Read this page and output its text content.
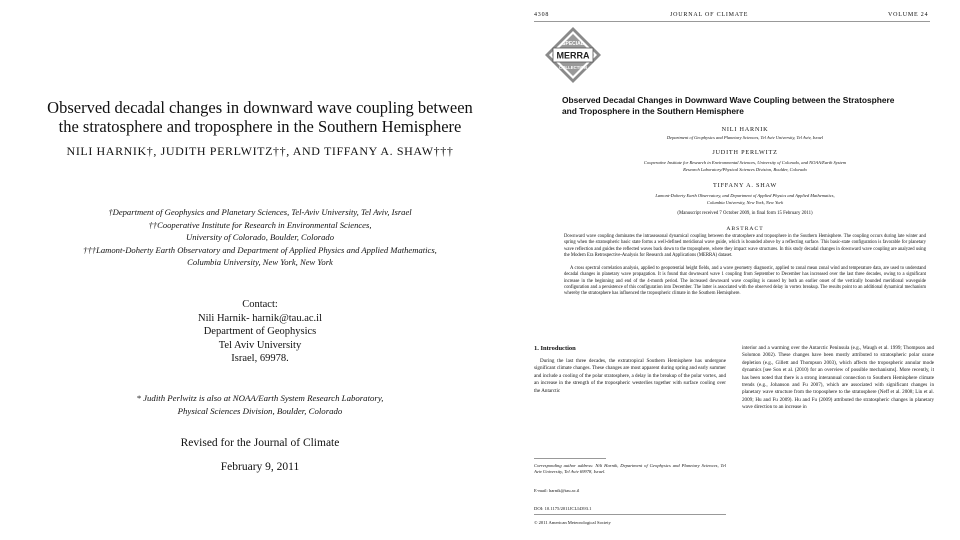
Observed decadal changes in downward wave coupling between
the stratosphere and troposphere in the Southern Hemisphere
NILI HARNIK†, JUDITH PERLWITZ††, AND TIFFANY A. SHAW†††
†Department of Geophysics and Planetary Sciences, Tel-Aviv University, Tel Aviv, Israel
††Cooperative Institute for Research in Environmental Sciences,
University of Colorado, Boulder, Colorado
†††Lamont-Doherty Earth Observatory and Department of Applied Physics and Applied Mathematics,
Columbia University, New York, New York
Contact:
Nili Harnik- harnik@tau.ac.il
Department of Geophysics
Tel Aviv University
Israel, 69978.
* Judith Perlwitz is also at NOAA/Earth System Research Laboratory,
Physical Sciences Division, Boulder, Colorado
Revised for the Journal of Climate
February 9, 2011
4308	JOURNAL OF CLIMATE	VOLUME 24
SPECIAL
MERRA
COLLECTION
Observed Decadal Changes in Downward Wave Coupling between the Stratosphere
and Troposphere in the Southern Hemisphere
NILI HARNIK
Department of Geophysics and Planetary Sciences, Tel Aviv University, Tel Aviv, Israel
JUDITH PERLWITZ
Cooperative Institute for Research in Environmental Sciences, University of Colorado, and NOAA/Earth System
Research Laboratory/Physical Sciences Division, Boulder, Colorado
TIFFANY A. SHAW
Lamont-Doherty Earth Observatory, and Department of Applied Physics and Applied Mathematics,
Columbia University, New York, New York
(Manuscript received 7 October 2009, in final form 15 February 2011)
ABSTRACT
Downward wave coupling dominates the intraseasonal dynamical coupling between the stratosphere and troposphere in the Southern Hemisphere. The coupling occurs during late winter and spring when the stratospheric basic state forms a well-defined meridional wave guide, which is bounded above by a reflecting surface. This basic-state configuration is favorable for planetary wave reflection and guides the reflected waves back down to the troposphere, where they impact wave structures. In this study decadal changes in downward wave coupling are analyzed using the Modern Era Retrospective-Analysis for Research and Applications (MERRA) dataset.
A cross spectral correlation analysis, applied to geopotential height fields, and a wave geometry diagnostic, applied to zonal mean zonal wind and temperature data, are used to understand decadal changes in planetary wave propagation. It is found that downward wave 1 coupling from September to December has increased over the last three decades, owing to a significant increase in the beginning and end of the 4-month period. The increased downward wave coupling is caused by both an earlier onset of the vertically bounded meridional waveguide configuration and a persistence of this configuration into December. The latter is associated with the observed delay in vortex breakup. The results point to an additional dynamical mechanism whereby the stratosphere has influenced the tropospheric climate in the Southern Hemisphere.
1. Introduction
During the last three decades, the extratropical Southern Hemisphere has undergone significant climate changes. These changes are most apparent during spring and early summer and include a cooling of the polar stratosphere, a delay in the breakup of the polar vortex, and an increase in the strength of the tropospheric westerlies together with surface cooling over the Antarctic
interior and a warming over the Antarctic Peninsula (e.g., Waugh et al. 1999; Thompson and Solomon 2002). These changes have been mostly attributed to stratospheric polar ozone depletion (e.g., Gillett and Thompson 2003), which affects the tropospheric annular mode dynamics [see Son et al. (2010) for an overview of possible mechanisms]. More recently, it has been noted that there is a strong interannual connection to Southern Hemisphere climate trends (e.g., Johanson and Fu 2007), which are associated with significant changes in planetary wave structure from the troposphere to the stratosphere (Neff et al. 2008; Lin et al. 2009; Hu and Fu 2009). Hu and Fu (2009) attributed the stratospheric changes in planetary wave direction to an increase in
Corresponding author address: Nili Harnik, Department of Geophysics and Planetary Sciences, Tel Aviv University, Tel Aviv 69978, Israel.
E-mail: harnik@tau.ac.il
DOI: 10.1175/2011JCLI4393.1
© 2011 American Meteorological Society
